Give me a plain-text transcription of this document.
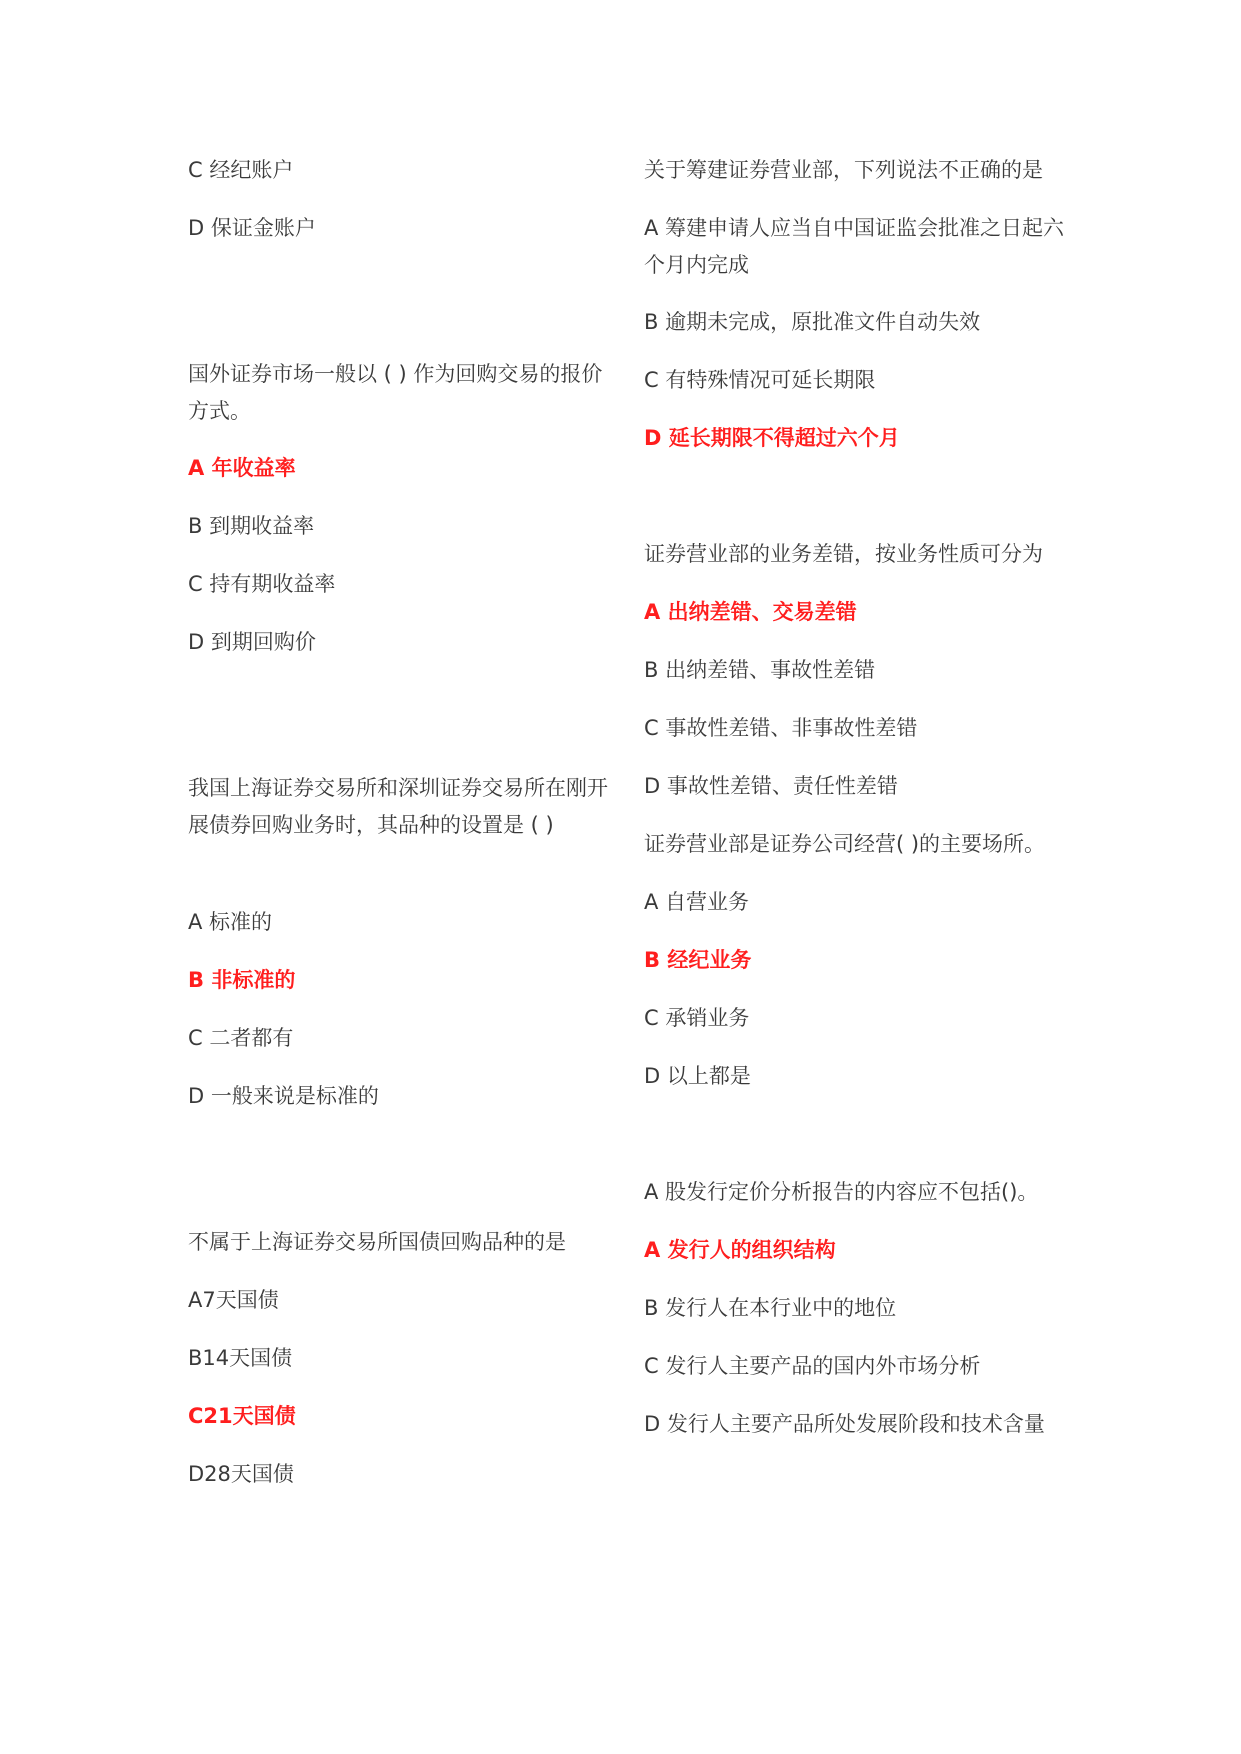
C 经纪账户
D 保证金账户
国外证券市场一般以 ( ) 作为回购交易的报价方式。
A 年收益率
B 到期收益率
C 持有期收益率
D 到期回购价
我国上海证券交易所和深圳证券交易所在刚开展债券回购业务时，其品种的设置是 ( )
A 标准的
B 非标准的
C 二者都有
D 一般来说是标准的
不属于上海证券交易所国债回购品种的是
A7天国债
B14天国债
C21天国债
D28天国债
关于筹建证券营业部，下列说法不正确的是
A 筹建申请人应当自中国证监会批准之日起六个月内完成
B 逾期未完成，原批准文件自动失效
C 有特殊情况可延长期限
D 延长期限不得超过六个月
证券营业部的业务差错，按业务性质可分为
A 出纳差错、交易差错
B 出纳差错、事故性差错
C 事故性差错、非事故性差错
D 事故性差错、责任性差错
证券营业部是证券公司经营( )的主要场所。
A 自营业务
B 经纪业务
C 承销业务
D 以上都是
A 股发行定价分析报告的内容应不包括()。
A 发行人的组织结构
B 发行人在本行业中的地位
C 发行人主要产品的国内外市场分析
D 发行人主要产品所处发展阶段和技术含量
